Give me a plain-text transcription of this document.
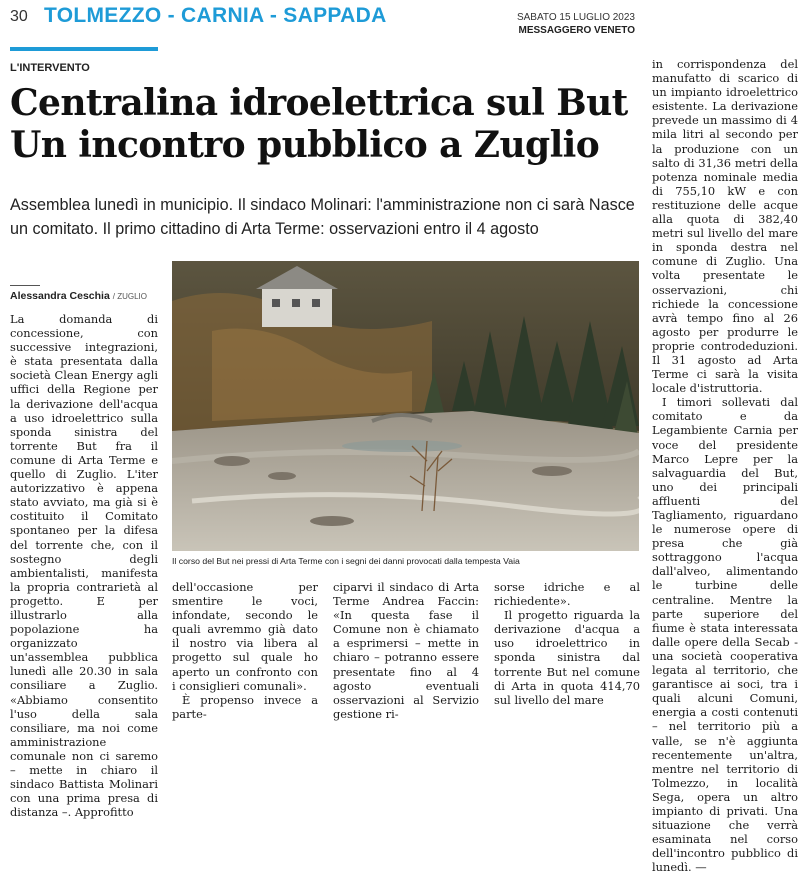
30 TOLMEZZO - CARNIA - SAPPADA	SABATO 15 LUGLIO 2023
MESSAGGERO VENETO
L'INTERVENTO
Centralina idroelettrica sul But Un incontro pubblico a Zuglio
Assemblea lunedì in municipio. Il sindaco Molinari: l'amministrazione non ci sarà Nasce un comitato. Il primo cittadino di Arta Terme: osservazioni entro il 4 agosto
Alessandra Ceschia / ZUGLIO

La domanda di concessione, con successive integrazioni, è stata presentata dalla società Clean Energy agli uffici della Regione per la derivazione dell'acqua a uso idroelettrico sulla sponda sinistra del torrente But fra il comune di Arta Terme e quello di Zuglio. L'iter autorizzativo è appena stato avviato, ma già si è costituito il Comitato spontaneo per la difesa del torrente che, con il sostegno degli ambientalisti, manifesta la propria contrarietà al progetto. E per illustrarlo alla popolazione ha organizzato un'assemblea pubblica lunedì alle 20.30 in sala consiliare a Zuglio. «Abbiamo consentito l'uso della sala consiliare, ma noi come amministrazione comunale non ci saremo – mette in chiaro il sindaco Battista Molinari con una prima presa di distanza –. Approfitto

Il corso del But nei pressi di Arta Terme con i segni dei danni provocati dalla tempesta Vaia

dell'occasione per smentire le voci, infondate, secondo le quali avremmo già dato il nostro via libera al progetto sul quale ho aperto un confronto con i consiglieri comunali».

È propenso invece a parte-

ciparvi il sindaco di Arta Terme Andrea Faccin: «In questa fase il Comune non è chiamato a esprimersi – mette in chiaro – potranno essere presentate fino al 4 agosto eventuali osservazioni al Servizio gestione ri-

sorse idriche e al richiedente».

Il progetto riguarda la derivazione d'acqua a uso idroelettrico in sponda sinistra dal torrente But nel comune di Arta in quota 414,70 sul livello del mare

in corrispondenza del manufatto di scarico di un impianto idroelettrico esistente. La derivazione prevede un massimo di 4 mila litri al secondo per la produzione con un salto di 31,36 metri della potenza nominale media di 755,10 kW e con restituzione delle acque alla quota di 382,40 metri sul livello del mare in sponda destra nel comune di Zuglio. Una volta presentate le osservazioni, chi richiede la concessione avrà tempo fino al 26 agosto per produrre le proprie controdeduzioni. Il 31 agosto ad Arta Terme ci sarà la visita locale d'istruttoria.

I timori sollevati dal comitato e da Legambiente Carnia per voce del presidente Marco Lepre per la salvaguardia del But, uno dei principali affluenti del Tagliamento, riguardano le numerose opere di presa che già sottraggono l'acqua dall'alveo, alimentando le turbine delle centraline. Mentre la parte superiore del fiume è stata interessata dalle opere della Secab - una società cooperativa legata al territorio, che garantisce ai soci, tra i quali alcuni Comuni, energia a costi contenuti – nel territorio più a valle, se n'è aggiunta recentemente un'altra, mentre nel territorio di Tolmezzo, in località Sega, opera un altro impianto di privati. Una situazione che verrà esaminata nel corso dell'incontro pubblico di lunedì. —
